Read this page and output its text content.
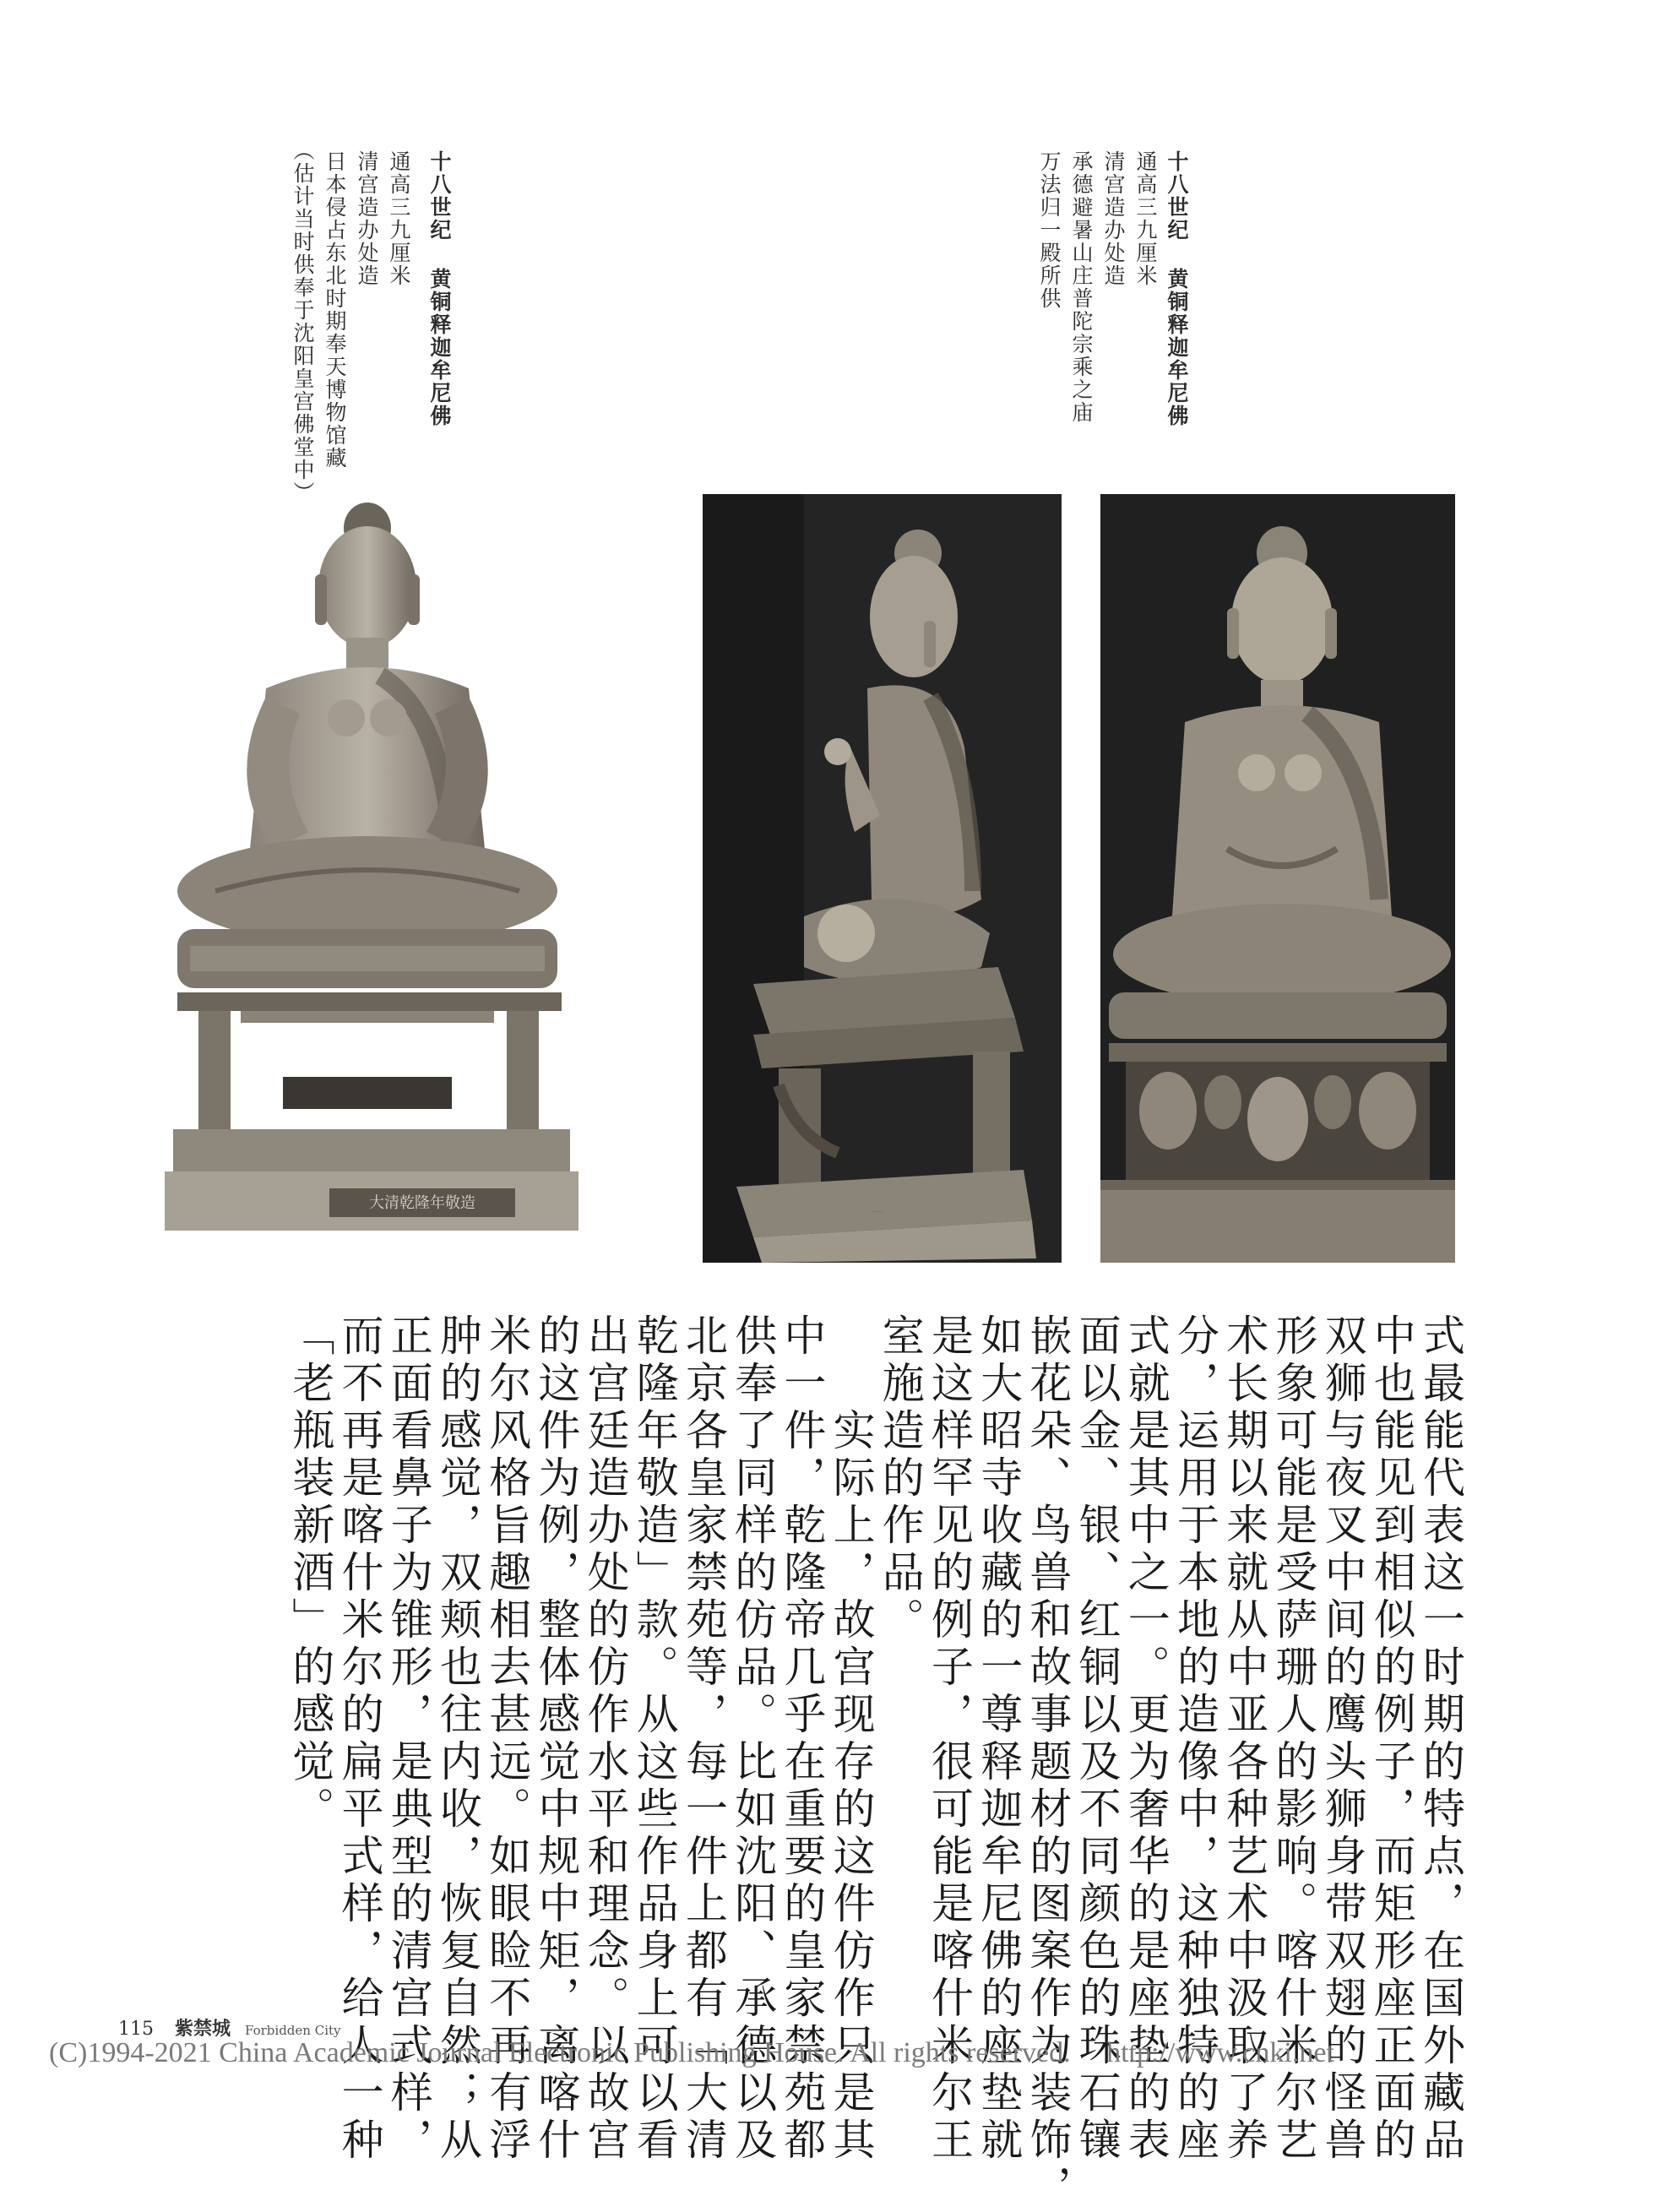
十八世纪 黄铜释迦牟尼佛
通高三九厘米
清宫造办处造
日本侵占东北时期奉天博物馆藏
（估计当时供奉于沈阳皇宫佛堂中）	十八世纪 黄铜释迦牟尼佛
通高三九厘米
清宫造办处造
承德避暑山庄普陀宗乘之庙
万法归一殿所供
大清乾隆年敬造
seated-buddha-side-view
seated-buddha-front-view
式最能代表这一时期的特点，在国外藏品
中也能见到相似的例子，而矩形座正面的
双狮与夜叉中间的鹰头狮身带双翅的怪兽
形象可能是受萨珊人的影响。喀什米尔艺
术长期以来就从中亚各种艺术中汲取了养
分，运用于本地的造像中，这种独特的座
式就是其中之一。更为奢华的是座垫的表
面以金、银、红铜以及不同颜色的珠石镶
嵌花朵、鸟兽和故事题材的图案作为装饰，
如大昭寺收藏的一尊释迦牟尼佛的座垫就
是这样罕见的例子，很可能是喀什米尔王
室施造的作品。
　　实际上，故宫现存的这件仿作只是其
中一件，乾隆帝几乎在重要的皇家禁苑都
供奉了同样的仿品。比如沈阳、承德以及
北京各皇家禁苑等，每一件上都有「大清
乾隆年敬造」款。从这些作品身上可以看
出宫廷造办处的仿作水平和理念。以故宫
的这件为例，整体感觉中规中矩，离喀什
米尔风格旨趣相去甚远。如眼睑不再有浮
肿的感觉，双颊也往内收，恢复自然；从
正面看鼻子为锥形，是典型的清宫式样，
而不再是喀什米尔的扁平式样，给人一种
「老瓶装新酒」的感觉。
115 紫禁城 Forbidden City
(C)1994-2021 China Academic Journal Electronic Publishing House. All rights reserved. http://www.cnki.net
